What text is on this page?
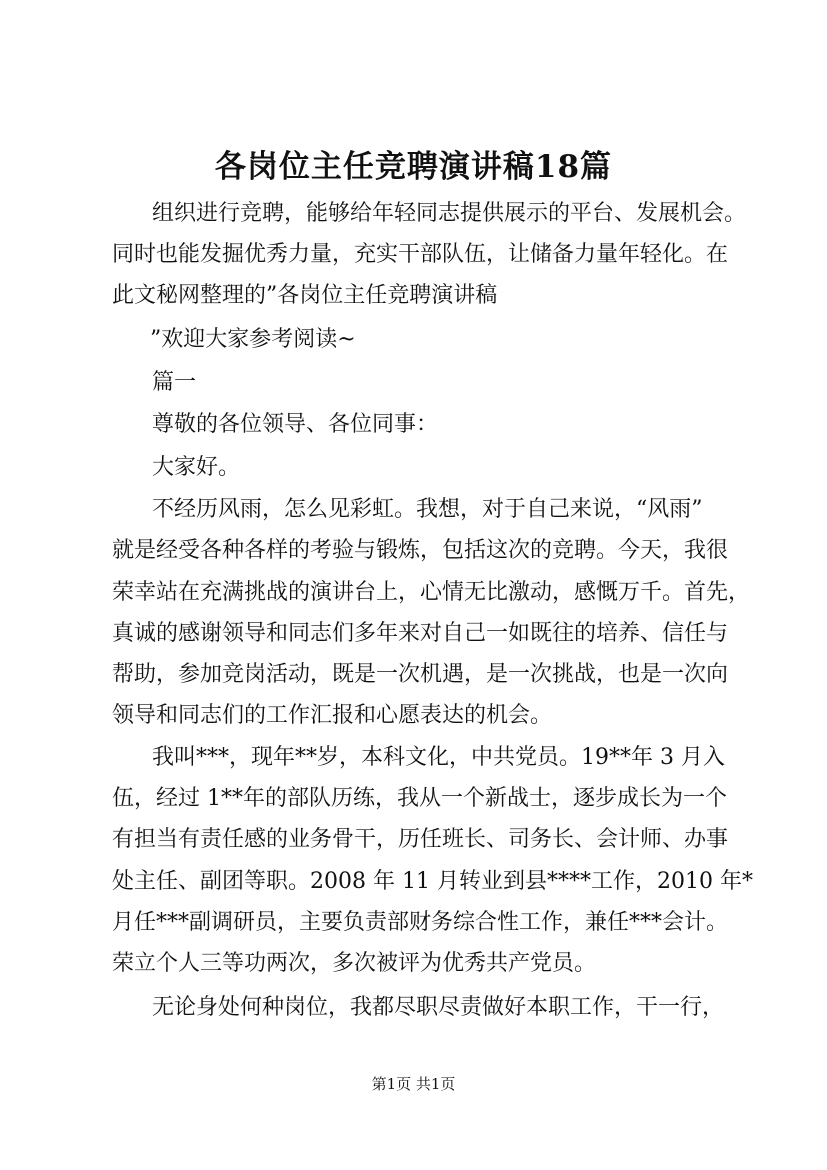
各岗位主任竞聘演讲稿18篇
组织进行竞聘，能够给年轻同志提供展示的平台、发展机会。
同时也能发掘优秀力量，充实干部队伍，让储备力量年轻化。在
此文秘网整理的”各岗位主任竞聘演讲稿
”欢迎大家参考阅读~
篇一
尊敬的各位领导、各位同事：
大家好。
不经历风雨，怎么见彩虹。我想，对于自己来说，“风雨”
就是经受各种各样的考验与锻炼，包括这次的竞聘。今天，我很
荣幸站在充满挑战的演讲台上，心情无比激动，感慨万千。首先，
真诚的感谢领导和同志们多年来对自己一如既往的培养、信任与
帮助，参加竞岗活动，既是一次机遇，是一次挑战，也是一次向
领导和同志们的工作汇报和心愿表达的机会。
我叫***，现年**岁，本科文化，中共党员。19**年 3 月入
伍，经过 1**年的部队历练，我从一个新战士，逐步成长为一个
有担当有责任感的业务骨干，历任班长、司务长、会计师、办事
处主任、副团等职。2008 年 11 月转业到县****工作，2010 年*
月任***副调研员，主要负责部财务综合性工作，兼任***会计。
荣立个人三等功两次，多次被评为优秀共产党员。
无论身处何种岗位，我都尽职尽责做好本职工作，干一行，
第1页 共1页
